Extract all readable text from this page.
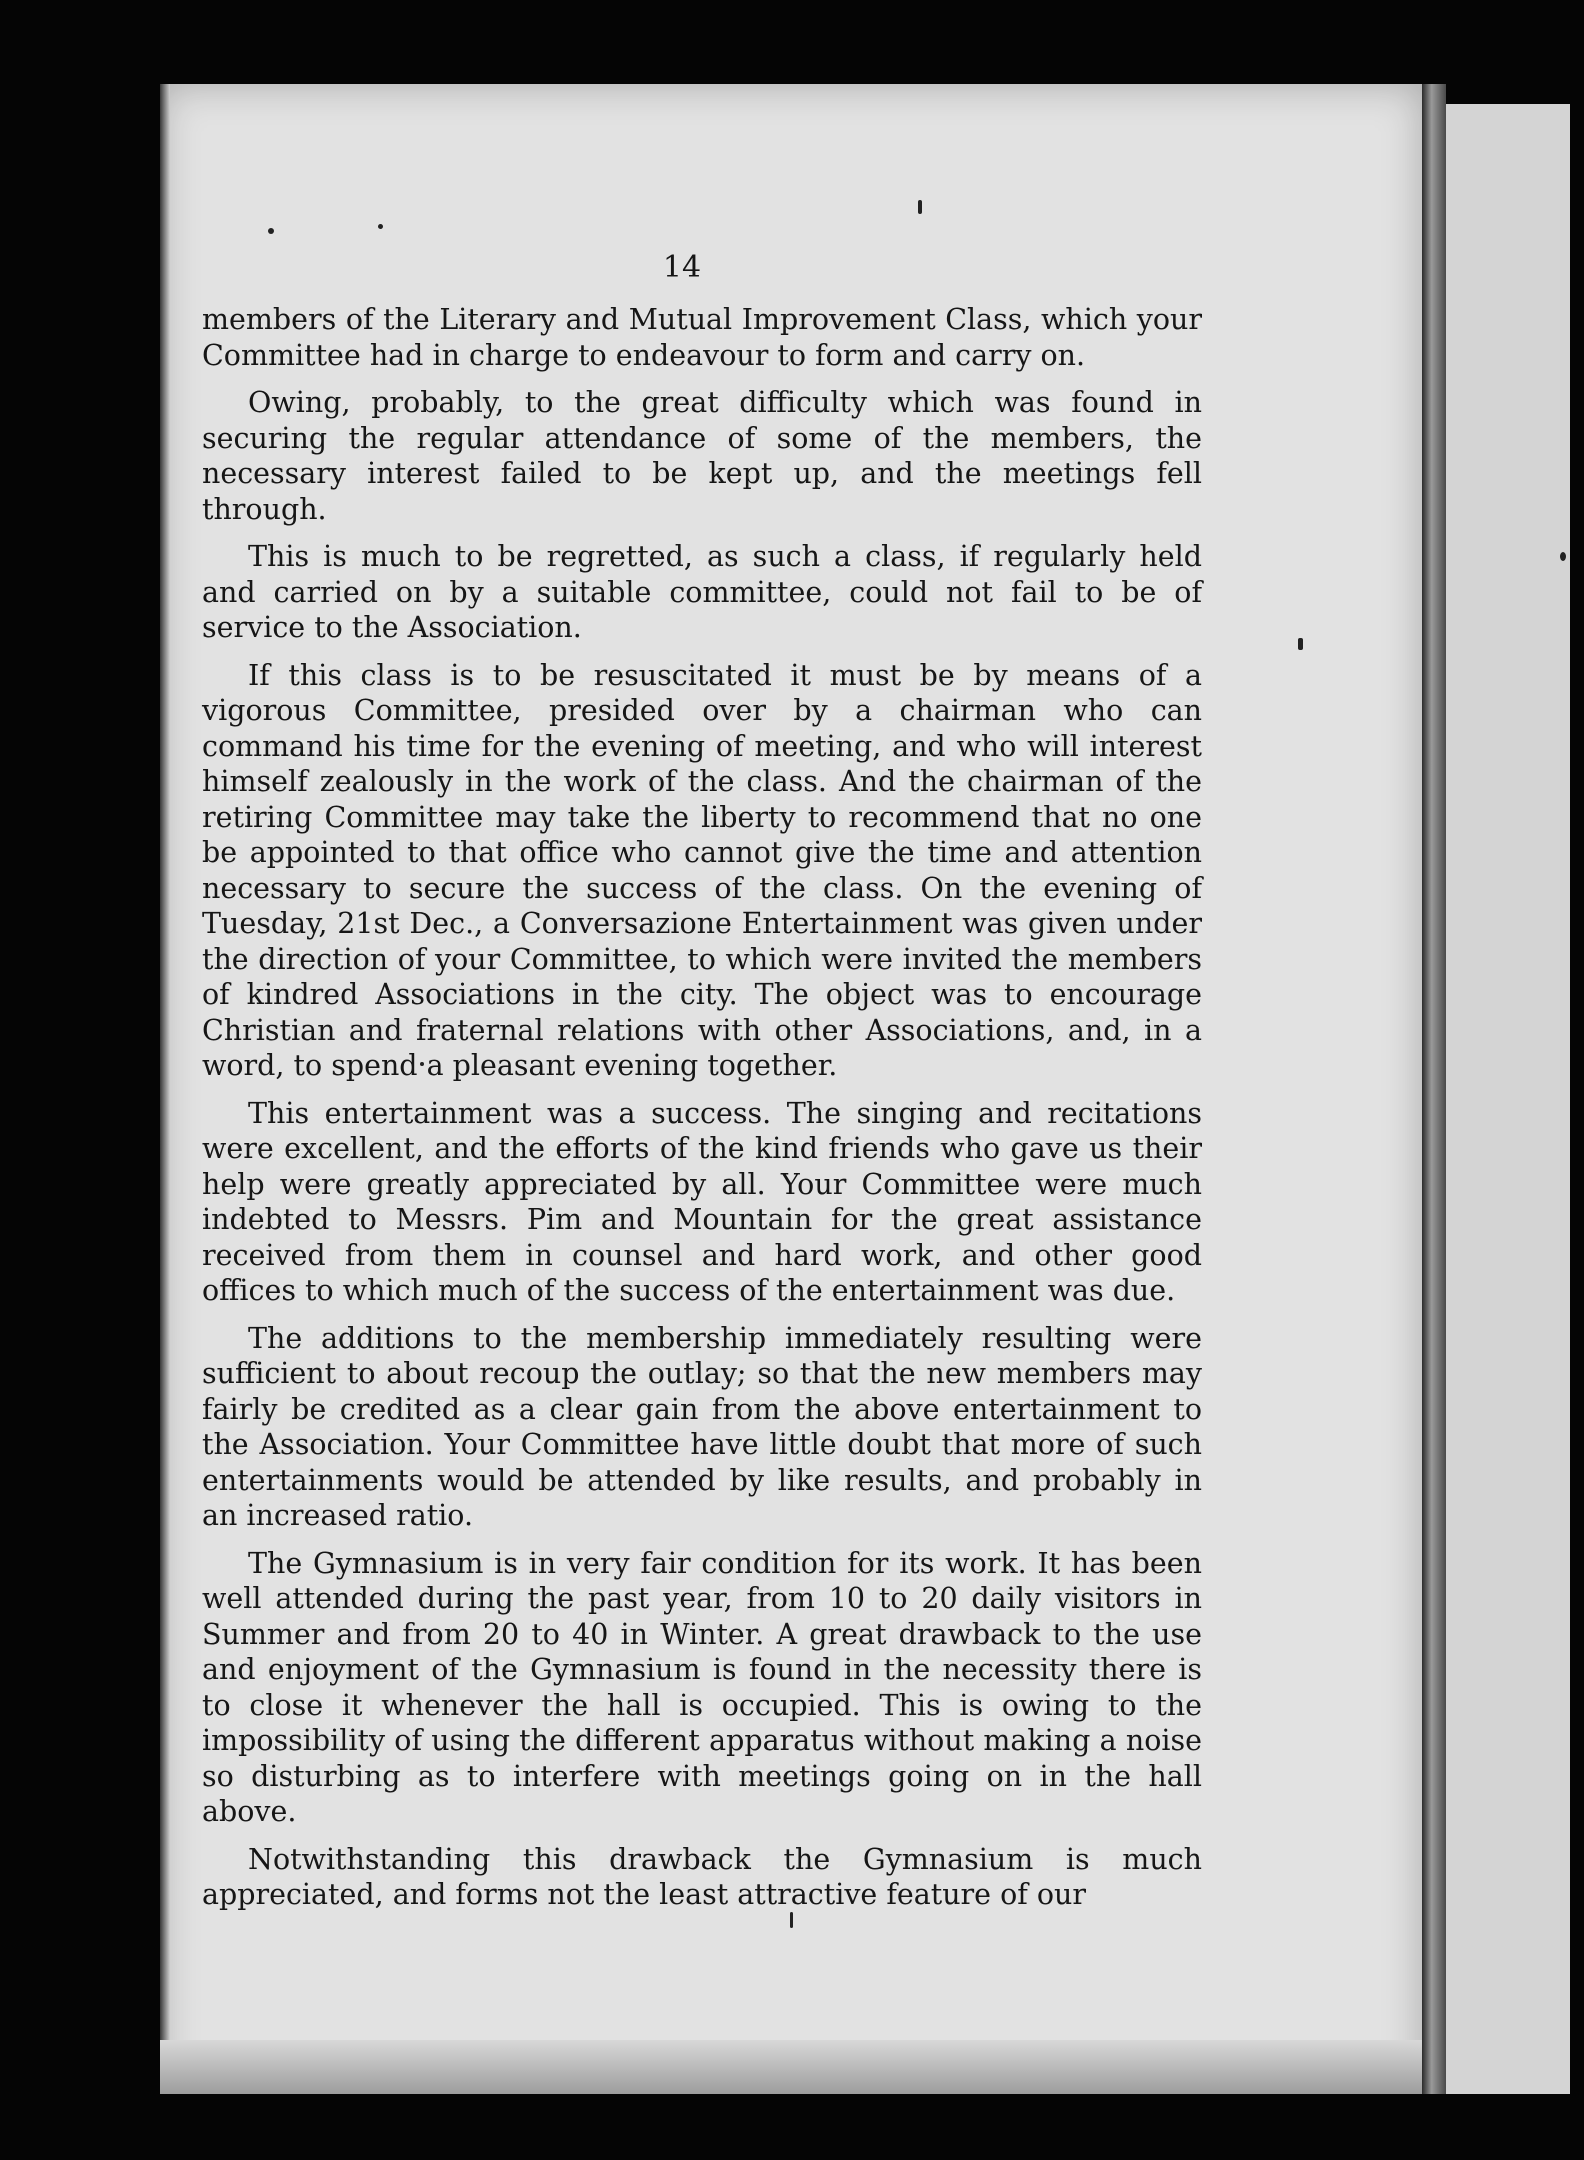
14

members of the Literary and Mutual Improvement Class, which your Committee had in charge to endeavour to form and carry on.

Owing, probably, to the great difficulty which was found in securing the regular attendance of some of the members, the necessary interest failed to be kept up, and the meetings fell through.

This is much to be regretted, as such a class, if regularly held and carried on by a suitable committee, could not fail to be of service to the Association.

If this class is to be resuscitated it must be by means of a vigorous Committee, presided over by a chairman who can command his time for the evening of meeting, and who will interest himself zealously in the work of the class. And the chairman of the retiring Committee may take the liberty to recommend that no one be appointed to that office who cannot give the time and attention necessary to secure the success of the class. On the evening of Tuesday, 21st Dec., a Conversazione Entertainment was given under the direction of your Committee, to which were invited the members of kindred Associations in the city. The object was to encourage Christian and fraternal relations with other Associations, and, in a word, to spend a pleasant evening together.

This entertainment was a success. The singing and recitations were excellent, and the efforts of the kind friends who gave us their help were greatly appreciated by all. Your Committee were much indebted to Messrs. Pim and Mountain for the great assistance received from them in counsel and hard work, and other good offices to which much of the success of the entertainment was due.

The additions to the membership immediately resulting were sufficient to about recoup the outlay; so that the new members may fairly be credited as a clear gain from the above entertainment to the Association. Your Committee have little doubt that more of such entertainments would be attended by like results, and probably in an increased ratio.

The Gymnasium is in very fair condition for its work. It has been well attended during the past year, from 10 to 20 daily visitors in Summer and from 20 to 40 in Winter. A great drawback to the use and enjoyment of the Gymnasium is found in the necessity there is to close it whenever the hall is occupied. This is owing to the impossibility of using the different apparatus without making a noise so disturbing as to interfere with meetings going on in the hall above.

Notwithstanding this drawback the Gymnasium is much appreciated, and forms not the least attractive feature of our
